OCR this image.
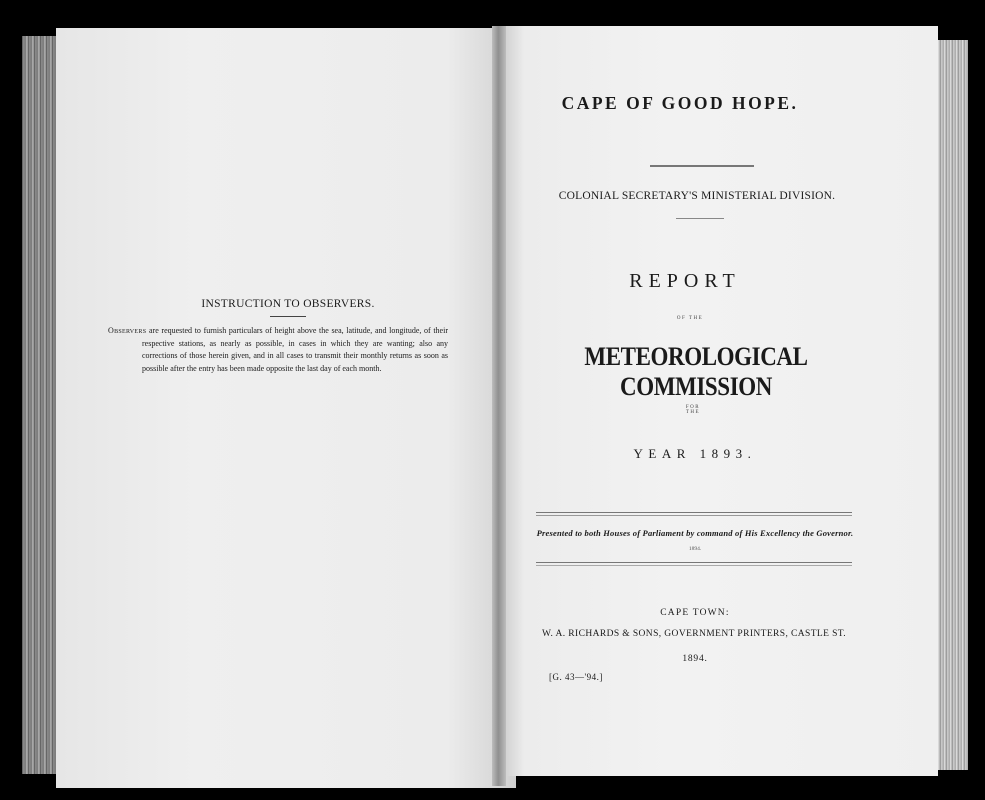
INSTRUCTION TO OBSERVERS.
Observers are requested to furnish particulars of height above the sea, latitude, and longitude, of their respective stations, as nearly as possible, in cases in which they are wanting; also any corrections of those herein given, and in all cases to transmit their monthly returns as soon as possible after the entry has been made opposite the last day of each month.
CAPE OF GOOD HOPE.
COLONIAL SECRETARY'S MINISTERIAL DIVISION.
REPORT
OF THE
METEOROLOGICAL COMMISSION
FOR THE
YEAR 1893.
Presented to both Houses of Parliament by command of His Excellency the Governor.
1894.
CAPE TOWN:
W. A. RICHARDS & SONS, GOVERNMENT PRINTERS, CASTLE ST.
1894.
[G. 43—'94.]
